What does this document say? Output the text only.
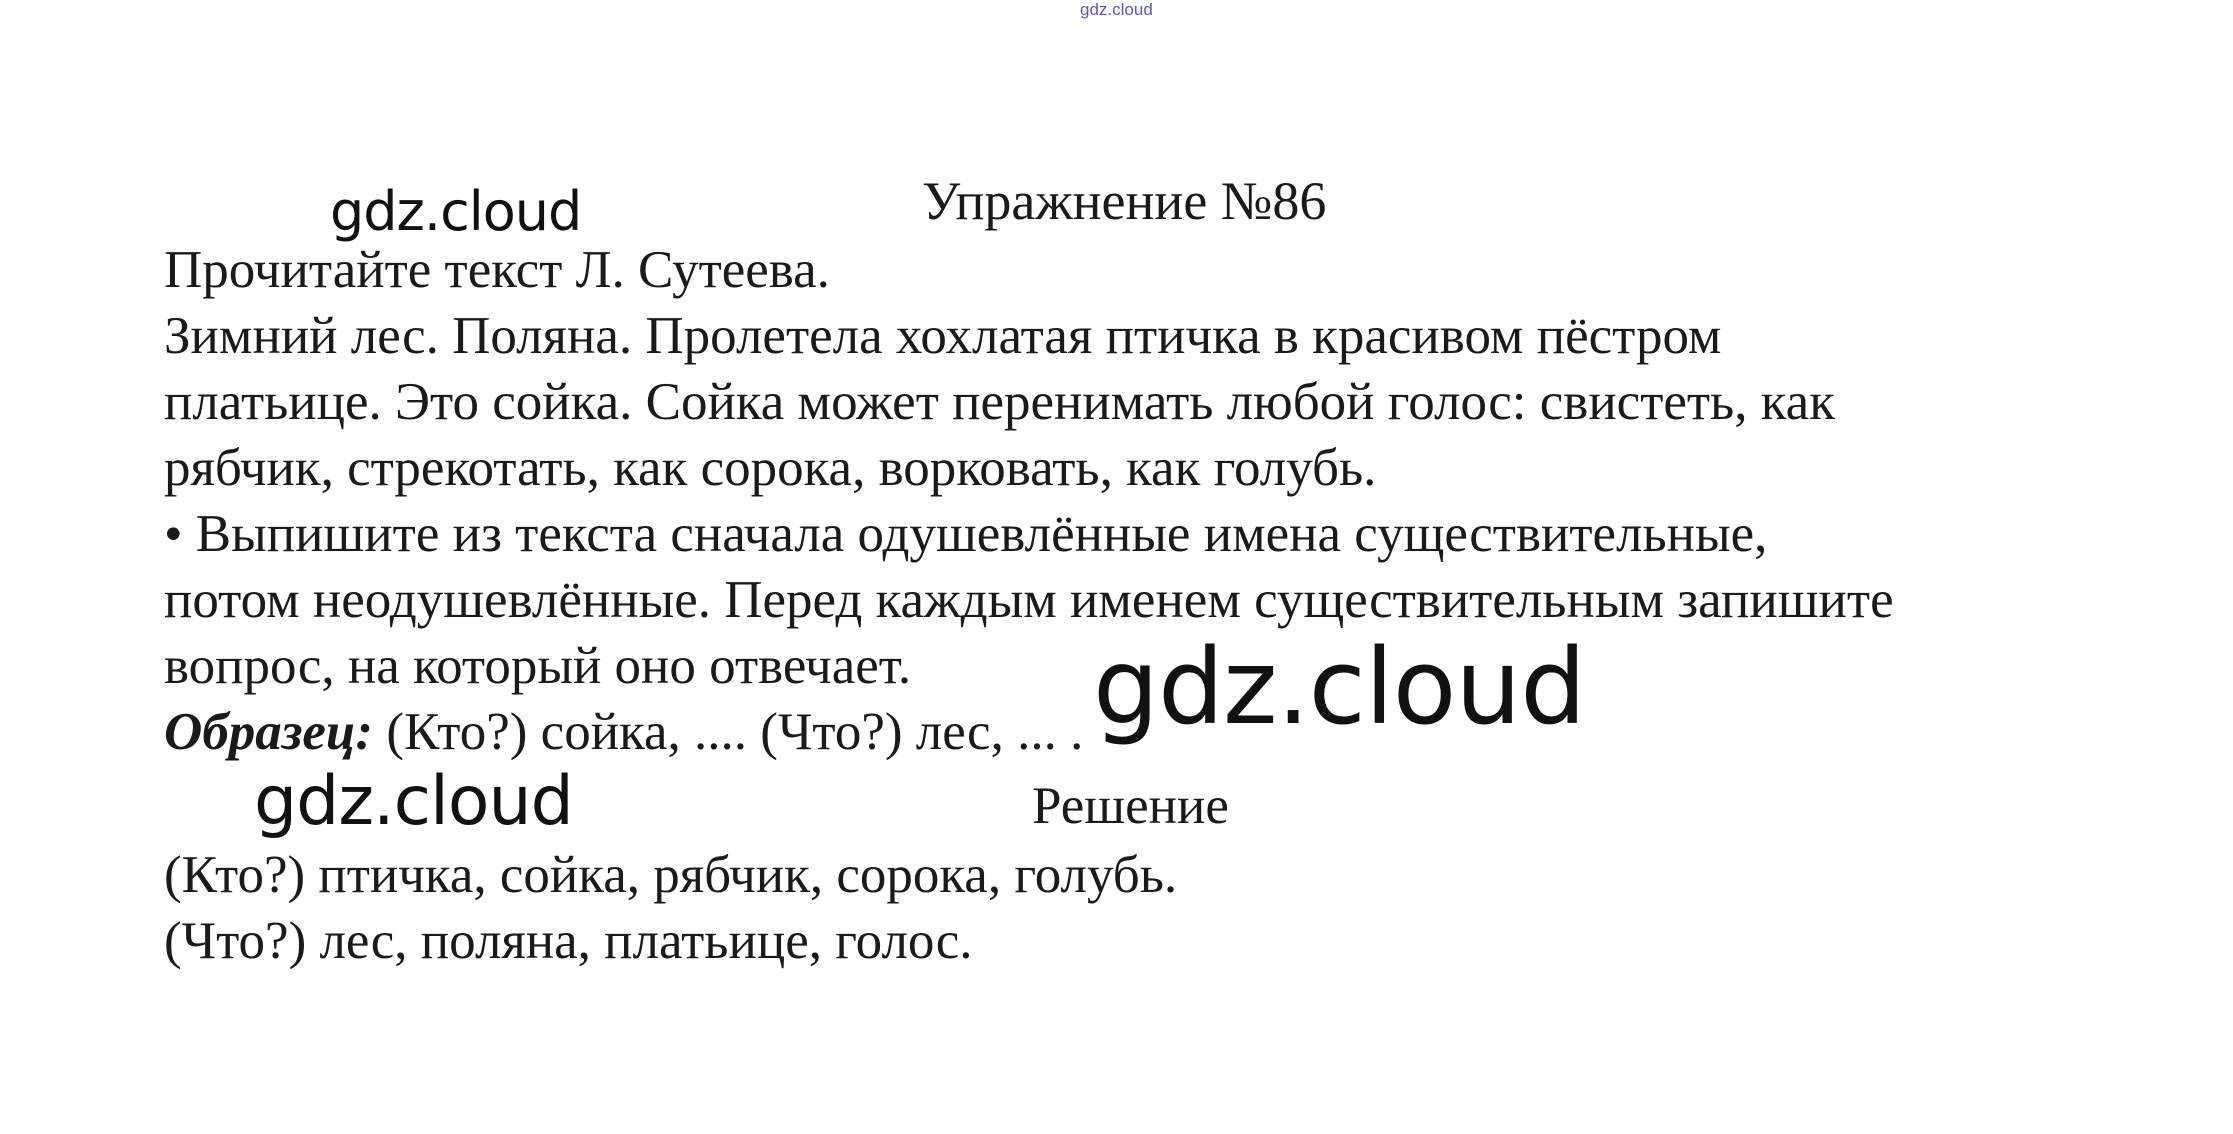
gdz.cloud
Упражнение №86
Прочитайте текст Л. Сутеева.
Зимний лес. Поляна. Пролетела хохлатая птичка в красивом пёстром
платьице. Это сойка. Сойка может перенимать любой голос: свистеть, как
рябчик, стрекотать, как сорока, ворковать, как голубь.
• Выпишите из текста сначала одушевлённые имена существительные,
потом неодушевлённые. Перед каждым именем существительным запишите
вопрос, на который оно отвечает.
Образец: (Кто?) сойка, .... (Что?) лес, ... .
Решение
(Кто?) птичка, сойка, рябчик, сорока, голубь.
(Что?) лес, поляна, платьице, голос.
gdz.cloud
gdz.cloud
gdz.cloud
